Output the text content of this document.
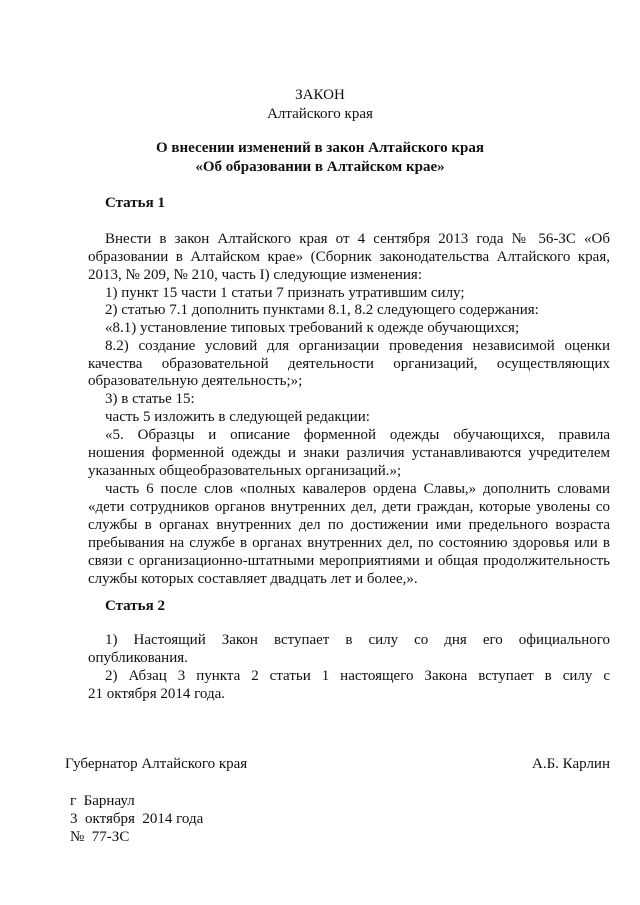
ЗАКОН
Алтайского края
О внесении изменений в закон Алтайского края
«Об образовании в Алтайском крае»
Статья 1
Внести в закон Алтайского края от 4 сентября 2013 года № 56-ЗС «Об
образовании в Алтайском крае» (Сборник законодательства Алтайского края,
2013, № 209, № 210, часть I) следующие изменения:
1) пункт 15 части 1 статьи 7 признать утратившим силу;
2) статью 7.1 дополнить пунктами 8.1, 8.2 следующего содержания:
«8.1) установление типовых требований к одежде обучающихся;
8.2) создание условий для организации проведения независимой оценки
качества образовательной деятельности организаций, осуществляющих
образовательную деятельность;»;
3) в статье 15:
часть 5 изложить в следующей редакции:
«5. Образцы и описание форменной одежды обучающихся, правила
ношения форменной одежды и знаки различия устанавливаются учредителем
указанных общеобразовательных организаций.»;
часть 6 после слов «полных кавалеров ордена Славы,» дополнить словами
«дети сотрудников органов внутренних дел, дети граждан, которые уволены со
службы в органах внутренних дел по достижении ими предельного возраста
пребывания на службе в органах внутренних дел, по состоянию здоровья или в
связи с организационно-штатными мероприятиями и общая продолжительность
службы которых составляет двадцать лет и более,».
Статья 2
1) Настоящий Закон вступает в силу со дня его официального
опубликования.
2) Абзац 3 пункта 2 статьи 1 настоящего Закона вступает в силу с
21 октября 2014 года.
Губернатор Алтайского края	А.Б. Карлин
г  Барнаул
3  октября  2014 года
№  77-ЗС
